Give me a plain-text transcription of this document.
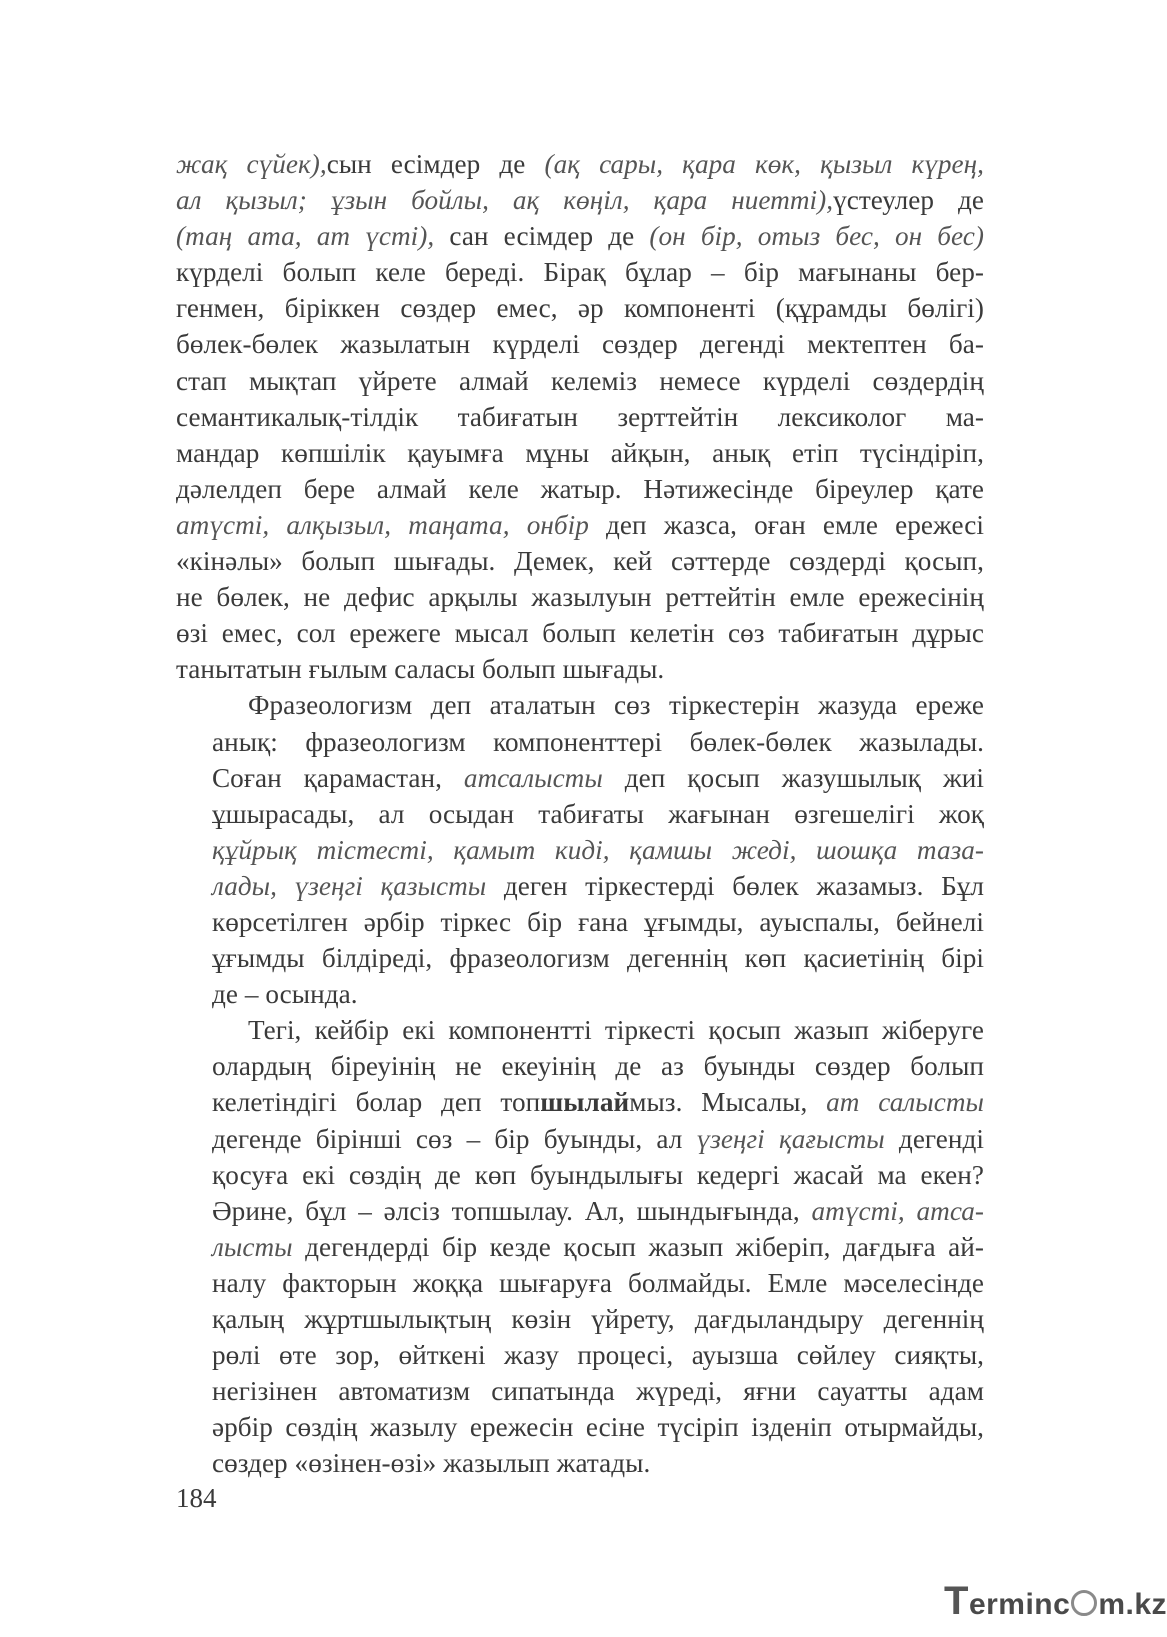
жақ сүйек),сын есімдер де (ақ сары, қара көк, қызыл күрең,
ал қызыл; ұзын бойлы, ақ көңіл, қара ниетті),үстеулер де
(таң ата, ат үсті), сан есімдер де (он бір, отыз бес, он бес)
күрделі болып келе береді. Бірақ бұлар – бір мағынаны бер-
генмен, біріккен сөздер емес, әр компоненті (құрамды бөлігі)
бөлек-бөлек жазылатын күрделі сөздер дегенді мектептен ба-
стап мықтап үйрете алмай келеміз немесе күрделі сөздердің
семантикалық-тілдік табиғатын зерттейтін лексиколог ма-
мандар көпшілік қауымға мұны айқын, анық етіп түсіндіріп,
дәлелдеп бере алмай келе жатыр. Нәтижесінде біреулер қате
атүсті, алқызыл, таңата, онбір деп жазса, оған емле ережесі
«кінәлы» болып шығады. Демек, кей сәттерде сөздерді қосып,
не бөлек, не дефис арқылы жазылуын реттейтін емле ережесінің
өзі емес, сол ережеге мысал болып келетін сөз табиғатын дұрыс
танытатын ғылым саласы болып шығады.
Фразеологизм деп аталатын сөз тіркестерін жазуда ереже
анық: фразеологизм компоненттері бөлек-бөлек жазылады.
Соған қарамастан, атсалысты деп қосып жазушылық жиі
ұшырасады, ал осыдан табиғаты жағынан өзгешелігі жоқ
құйрық тістесті, қамыт киді, қамшы жеді, шошқа таза-
лады, үзеңгі қазысты деген тіркестерді бөлек жазамыз. Бұл
көрсетілген әрбір тіркес бір ғана ұғымды, ауыспалы, бейнелі
ұғымды білдіреді, фразеологизм дегеннің көп қасиетінің бірі
де – осында.
Тегі, кейбір екі компонентті тіркесті қосып жазып жіберуге
олардың біреуінің не екеуінің де аз буынды сөздер болып
келетіндігі болар деп топшылаймыз. Мысалы, ат салысты
дегенде бірінші сөз – бір буынды, ал үзеңгі қағысты дегенді
қосуға екі сөздің де көп буындылығы кедергі жасай ма екен?
Әрине, бұл – әлсіз топшылау. Ал, шындығында, атүсті, атса-
лысты дегендерді бір кезде қосып жазып жіберіп, дағдыға ай-
налу факторын жоққа шығаруға болмайды. Емле мәселесінде
қалың жұртшылықтың көзін үйрету, дағдыландыру дегеннің
рөлі өте зор, өйткені жазу процесі, ауызша сөйлеу сияқты,
негізінен автоматизм сипатында жүреді, яғни сауатты адам
әрбір сөздің жазылу ережесін есіне түсіріп ізденіп отырмайды,
сөздер «өзінен-өзі» жазылып жатады.
184
Terminc m.kz
